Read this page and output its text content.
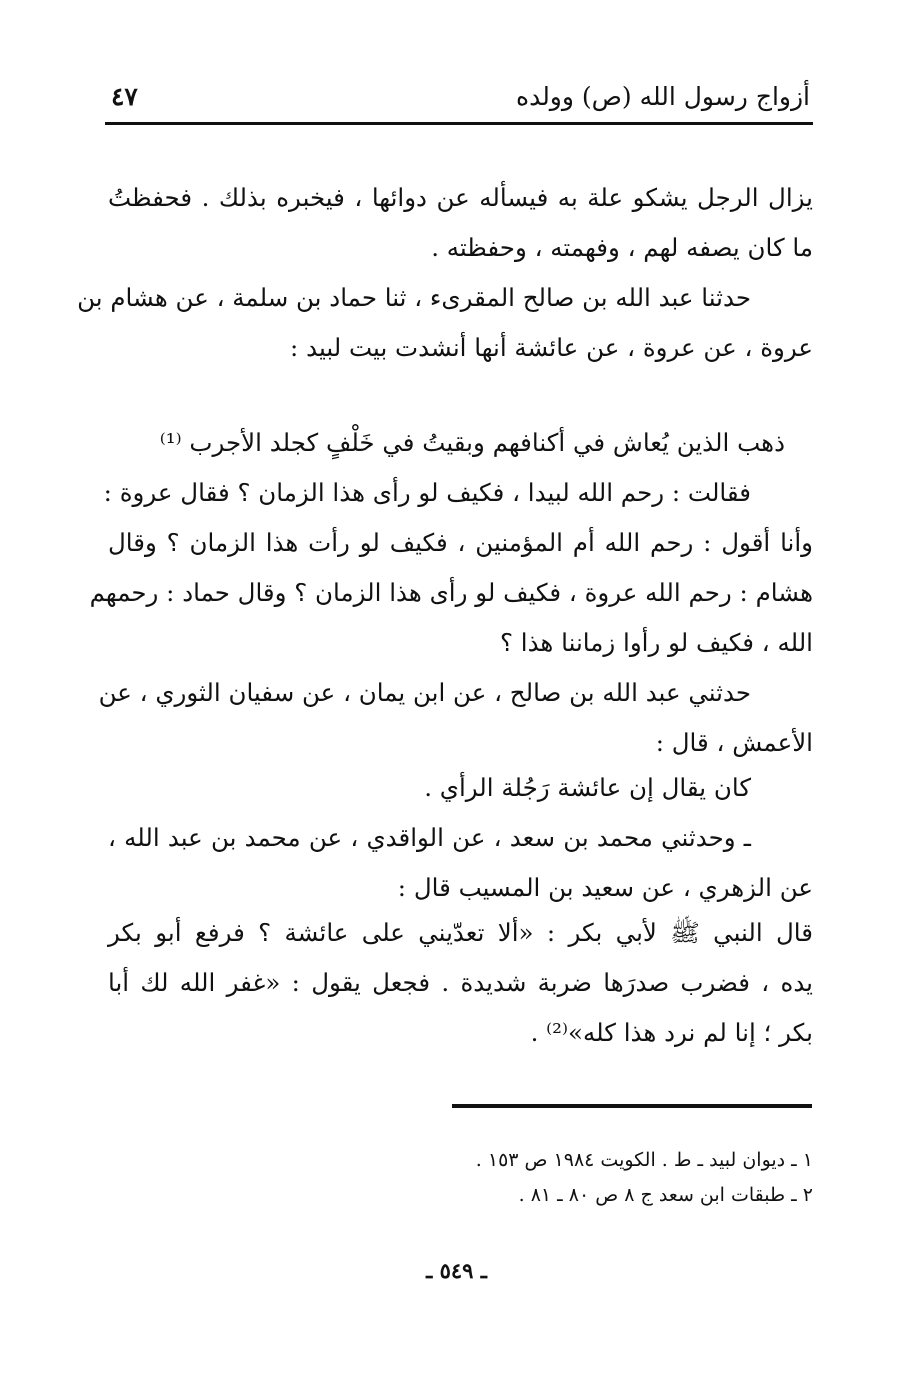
أزواج رسول الله (ص) وولده
٤٧
يزال الرجل يشكو علة به فيسأله عن دوائها ، فيخبره بذلك . فحفظتُ
ما كان يصفه لهم ، وفهمته ، وحفظته .
حدثنا عبد الله بن صالح المقرىء ، ثنا حماد بن سلمة ، عن هشام بن
عروة ، عن عروة ، عن عائشة أنها أنشدت بيت لبيد :
ذهب الذين يُعاش في أكنافهم وبقيتُ في خَلْفٍ كجلد الأجرب ⁽¹⁾
فقالت : رحم الله لبيدا ، فكيف لو رأى هذا الزمان ؟ فقال عروة :
وأنا أقول : رحم الله أم المؤمنين ، فكيف لو رأت هذا الزمان ؟ وقال
هشام : رحم الله عروة ، فكيف لو رأى هذا الزمان ؟ وقال حماد : رحمهم
الله ، فكيف لو رأوا زماننا هذا ؟
حدثني عبد الله بن صالح ، عن ابن يمان ، عن سفيان الثوري ، عن
الأعمش ، قال :
كان يقال إن عائشة رَجُلة الرأي .
ـ وحدثني محمد بن سعد ، عن الواقدي ، عن محمد بن عبد الله ،
عن الزهري ، عن سعيد بن المسيب قال :
قال النبي ﷺ لأبي بكر : «ألا تعدّيني على عائشة ؟ فرفع أبو بكر
يده ، فضرب صدرَها ضربة شديدة . فجعل يقول : «غفر الله لك أبا
بكر ؛ إنا لم نرد هذا كله»⁽²⁾ .
١ ـ ديوان لبيد ـ ط . الكويت ١٩٨٤ ص ١٥٣ .
٢ ـ طبقات ابن سعد ج ٨ ص ٨٠ ـ ٨١ .
ـ ٥٤٩ ـ
